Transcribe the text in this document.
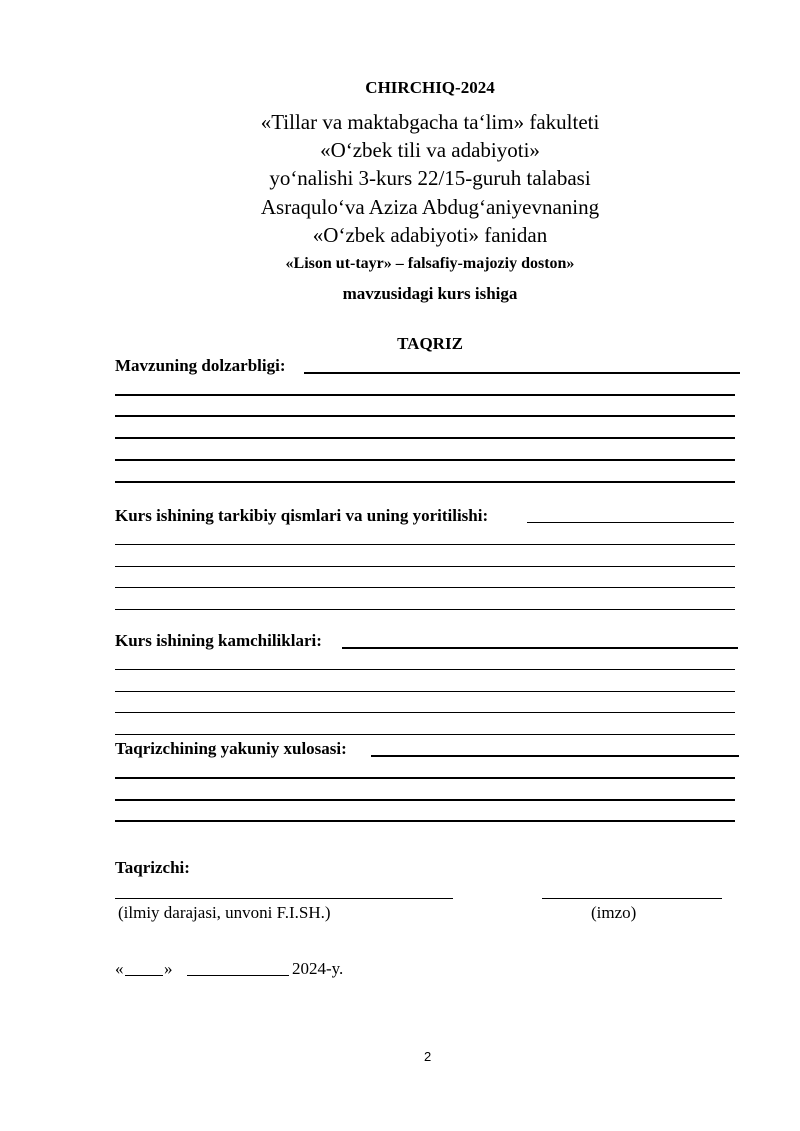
CHIRCHIQ-2024
«Tillar va maktabgacha ta‘lim» fakulteti
«O‘zbek tili va adabiyoti»
yo‘nalishi 3-kurs 22/15-guruh talabasi
Asraqulo‘va Aziza Abdug‘aniyevnaning
«O‘zbek adabiyoti» fanidan
«Lison ut-tayr» – falsafiy-majoziy doston»
mavzusidagi kurs ishiga
TAQRIZ
Mavzuning dolzarbligi:
Kurs ishining tarkibiy qismlari va uning yoritilishi:
Kurs ishining kamchiliklari:
Taqrizchining yakuniy xulosasi:
Taqrizchi:
(ilmiy darajasi, unvoni F.I.SH.)	(imzo)
« »	2024-y.
2
